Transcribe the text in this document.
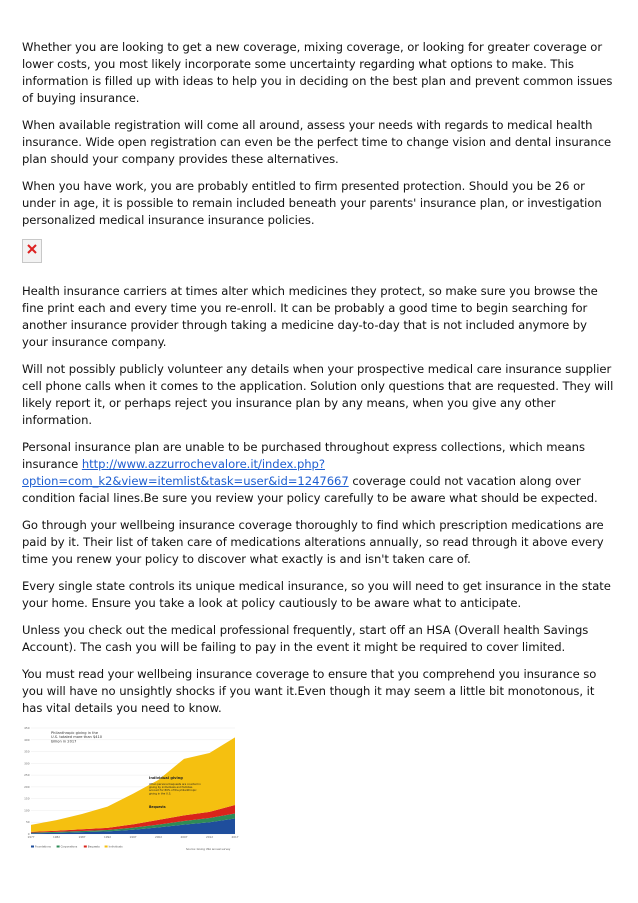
Whether you are looking to get a new coverage, mixing coverage, or looking for greater coverage or lower costs, you most likely incorporate some uncertainty regarding what options to make. This information is filled up with ideas to help you in deciding on the best plan and prevent common issues of buying insurance.

When available registration will come all around, assess your needs with regards to medical health insurance. Wide open registration can even be the perfect time to change vision and dental insurance plan should your company provides these alternatives.

When you have work, you are probably entitled to firm presented protection. Should you be 26 or under in age, it is possible to remain included beneath your parents' insurance plan, or investigation personalized medical insurance insurance policies.

Health insurance carriers at times alter which medicines they protect, so make sure you browse the fine print each and every time you re-enroll. It can be probably a good time to begin searching for another insurance provider through taking a medicine day-to-day that is not included anymore by your insurance company.

Will not possibly publicly volunteer any details when your prospective medical care insurance supplier cell phone calls when it comes to the application. Solution only questions that are requested. They will likely report it, or perhaps reject you insurance plan by any means, when you give any other information.

Personal insurance plan are unable to be purchased throughout express collections, which means insurance http://www.azzurrochevalore.it/index.php?option=com_k2&view=itemlist&task=user&id=1247667 coverage could not vacation along over condition facial lines.Be sure you review your policy carefully to be aware what should be expected.

Go through your wellbeing insurance coverage thoroughly to find which prescription medications are paid by it. Their list of taken care of medications alterations annually, so read through it above every time you renew your policy to discover what exactly is and isn't taken care of.

Every single state controls its unique medical insurance, so you will need to get insurance in the state your home. Ensure you take a look at policy cautiously to be aware what to anticipate.

Unless you check out the medical professional frequently, start off an HSA (Overall health Savings Account). The cash you will be failing to pay in the event it might be required to cover limited.

You must read your wellbeing insurance coverage to ensure that you comprehend you insurance so you will have no unsightly shocks if you want it.Even though it may seem a little bit monotonous, it has vital details you need to know.

0
50
100
150
200
250
300
350
400
450
1977	1982	1987	1992	1997	2002	2007	2012	2017
Philanthropic giving in the U.S. totaled more than $410 billion in 2017
Individual giving
When personal bequests are counted in giving by individuals and families account for 80% of the philanthropic giving in the U.S.
Bequests
Foundations	Corporations	Bequests	Individuals
Source: Giving USA annual survey
